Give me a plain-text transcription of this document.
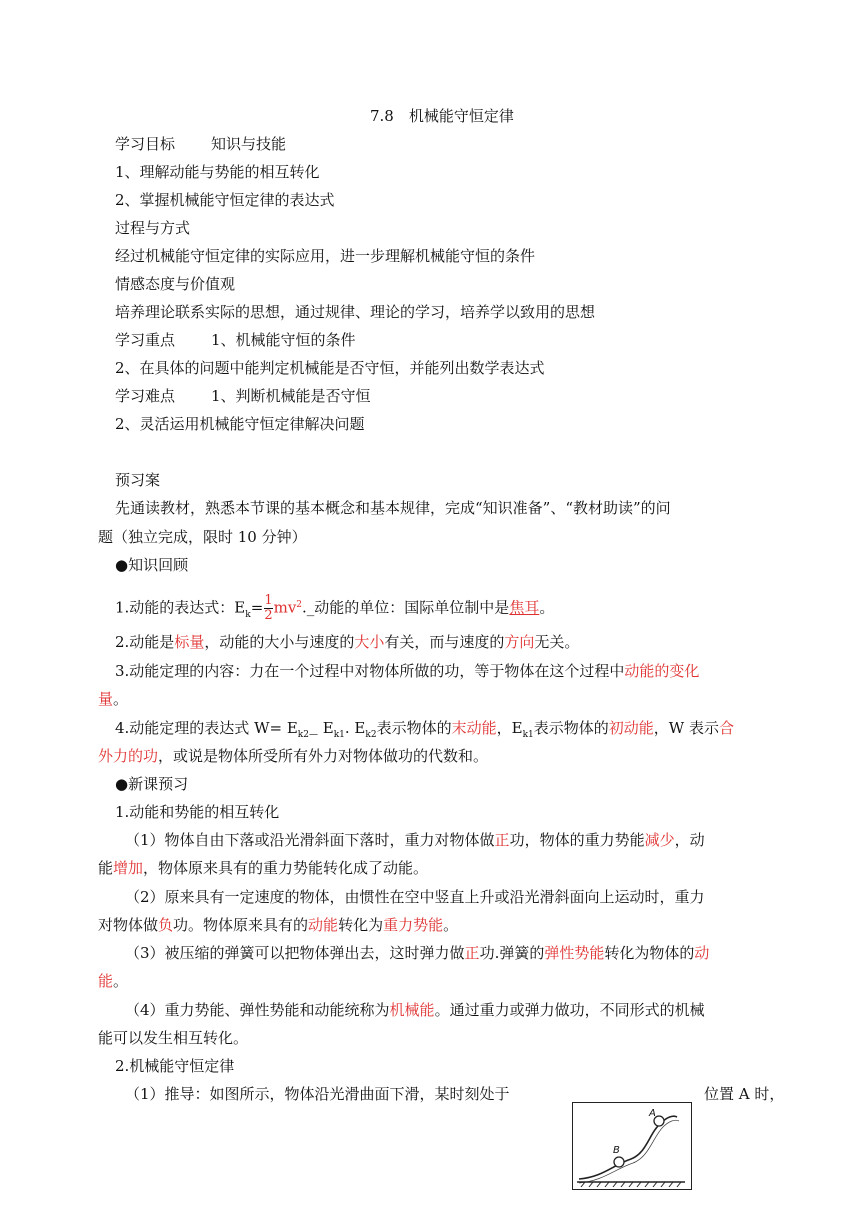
7.8　机械能守恒定律
学习目标 知识与技能
1、理解动能与势能的相互转化
2、掌握机械能守恒定律的表达式
过程与方式
经过机械能守恒定律的实际应用，进一步理解机械能守恒的条件
情感态度与价值观
培养理论联系实际的思想，通过规律、理论的学习，培养学以致用的思想
学习重点 1、机械能守恒的条件
2、在具体的问题中能判定机械能是否守恒，并能列出数学表达式
学习难点 1、判断机械能是否守恒
2、灵活运用机械能守恒定律解决问题
预习案
先通读教材，熟悉本节课的基本概念和基本规律，完成“知识准备”、“教材助读”的问
题（独立完成，限时 10 分钟）
●知识回顾
1.动能的表达式：$E_k= \frac{1}{2}$ $mv^2.\_$动能的单位：国际单位制中是焦耳。
2.动能是标量，动能的大小与速度的大小有关，而与速度的方向无关。
3.动能定理的内容：力在一个过程中对物体所做的功，等于物体在这个过程中动能的变化
量。
4.动能定理的表达式 $W= E_{k2—}$ $E_{k1}$. $E_{k2}$表示物体的末动能，$E_{k1}$表示物体的初动能，W 表示合
外力的功，或说是物体所受所有外力对物体做功的代数和。
●新课预习
1.动能和势能的相互转化
（1）物体自由下落或沿光滑斜面下落时，重力对物体做正功，物体的重力势能减少，动
能增加，物体原来具有的重力势能转化成了动能。
（2）原来具有一定速度的物体，由惯性在空中竖直上升或沿光滑斜面向上运动时，重力
对物体做负功。物体原来具有的动能转化为重力势能。
（3）被压缩的弹簧可以把物体弹出去，这时弹力做正功.弹簧的弹性势能转化为物体的动
能。
（4）重力势能、弹性势能和动能统称为机械能。通过重力或弹力做功，不同形式的机械
能可以发生相互转化。
2.机械能守恒定律
（1）推导：如图所示，物体沿光滑曲面下滑，某时刻处于	位置 A 时，
B
A
